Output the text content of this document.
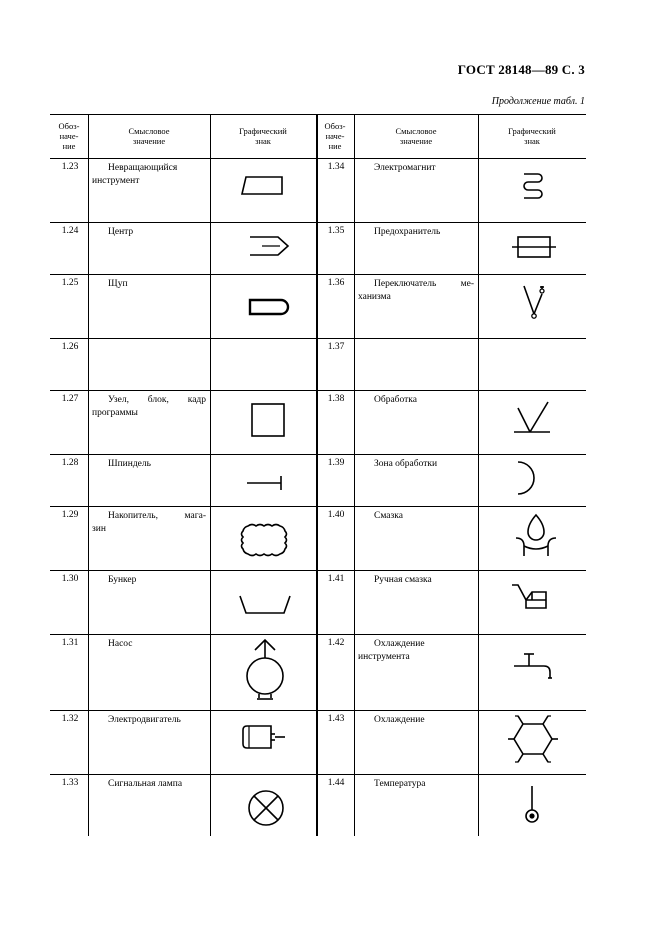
ГОСТ 28148—89 С. 3
Продолжение табл. 1
Обоз-
наче-
ние
Смысловое
значение
Графический
знак
Обоз-
наче-
ние
Смысловое
значение
Графический
знак
1.23
1.24
1.25
1.26
1.27
1.28
1.29
1.30
1.31
1.32
1.33
Невращающийся
инструмент
Центр
Щуп
Узел, блок, кадр
программы
Шпиндель
Накопитель, мага-
зин
Бункер
Насос
Электродвигатель
Сигнальная лампа
1.34
1.35
1.36
1.37
1.38
1.39
1.40
1.41
1.42
1.43
1.44
Электромагнит
Предохранитель
Переключатель ме-
ханизма
Обработка
Зона обработки
Смазка
Ручная смазка
Охлаждение
инструмента
Охлаждение
Температура
